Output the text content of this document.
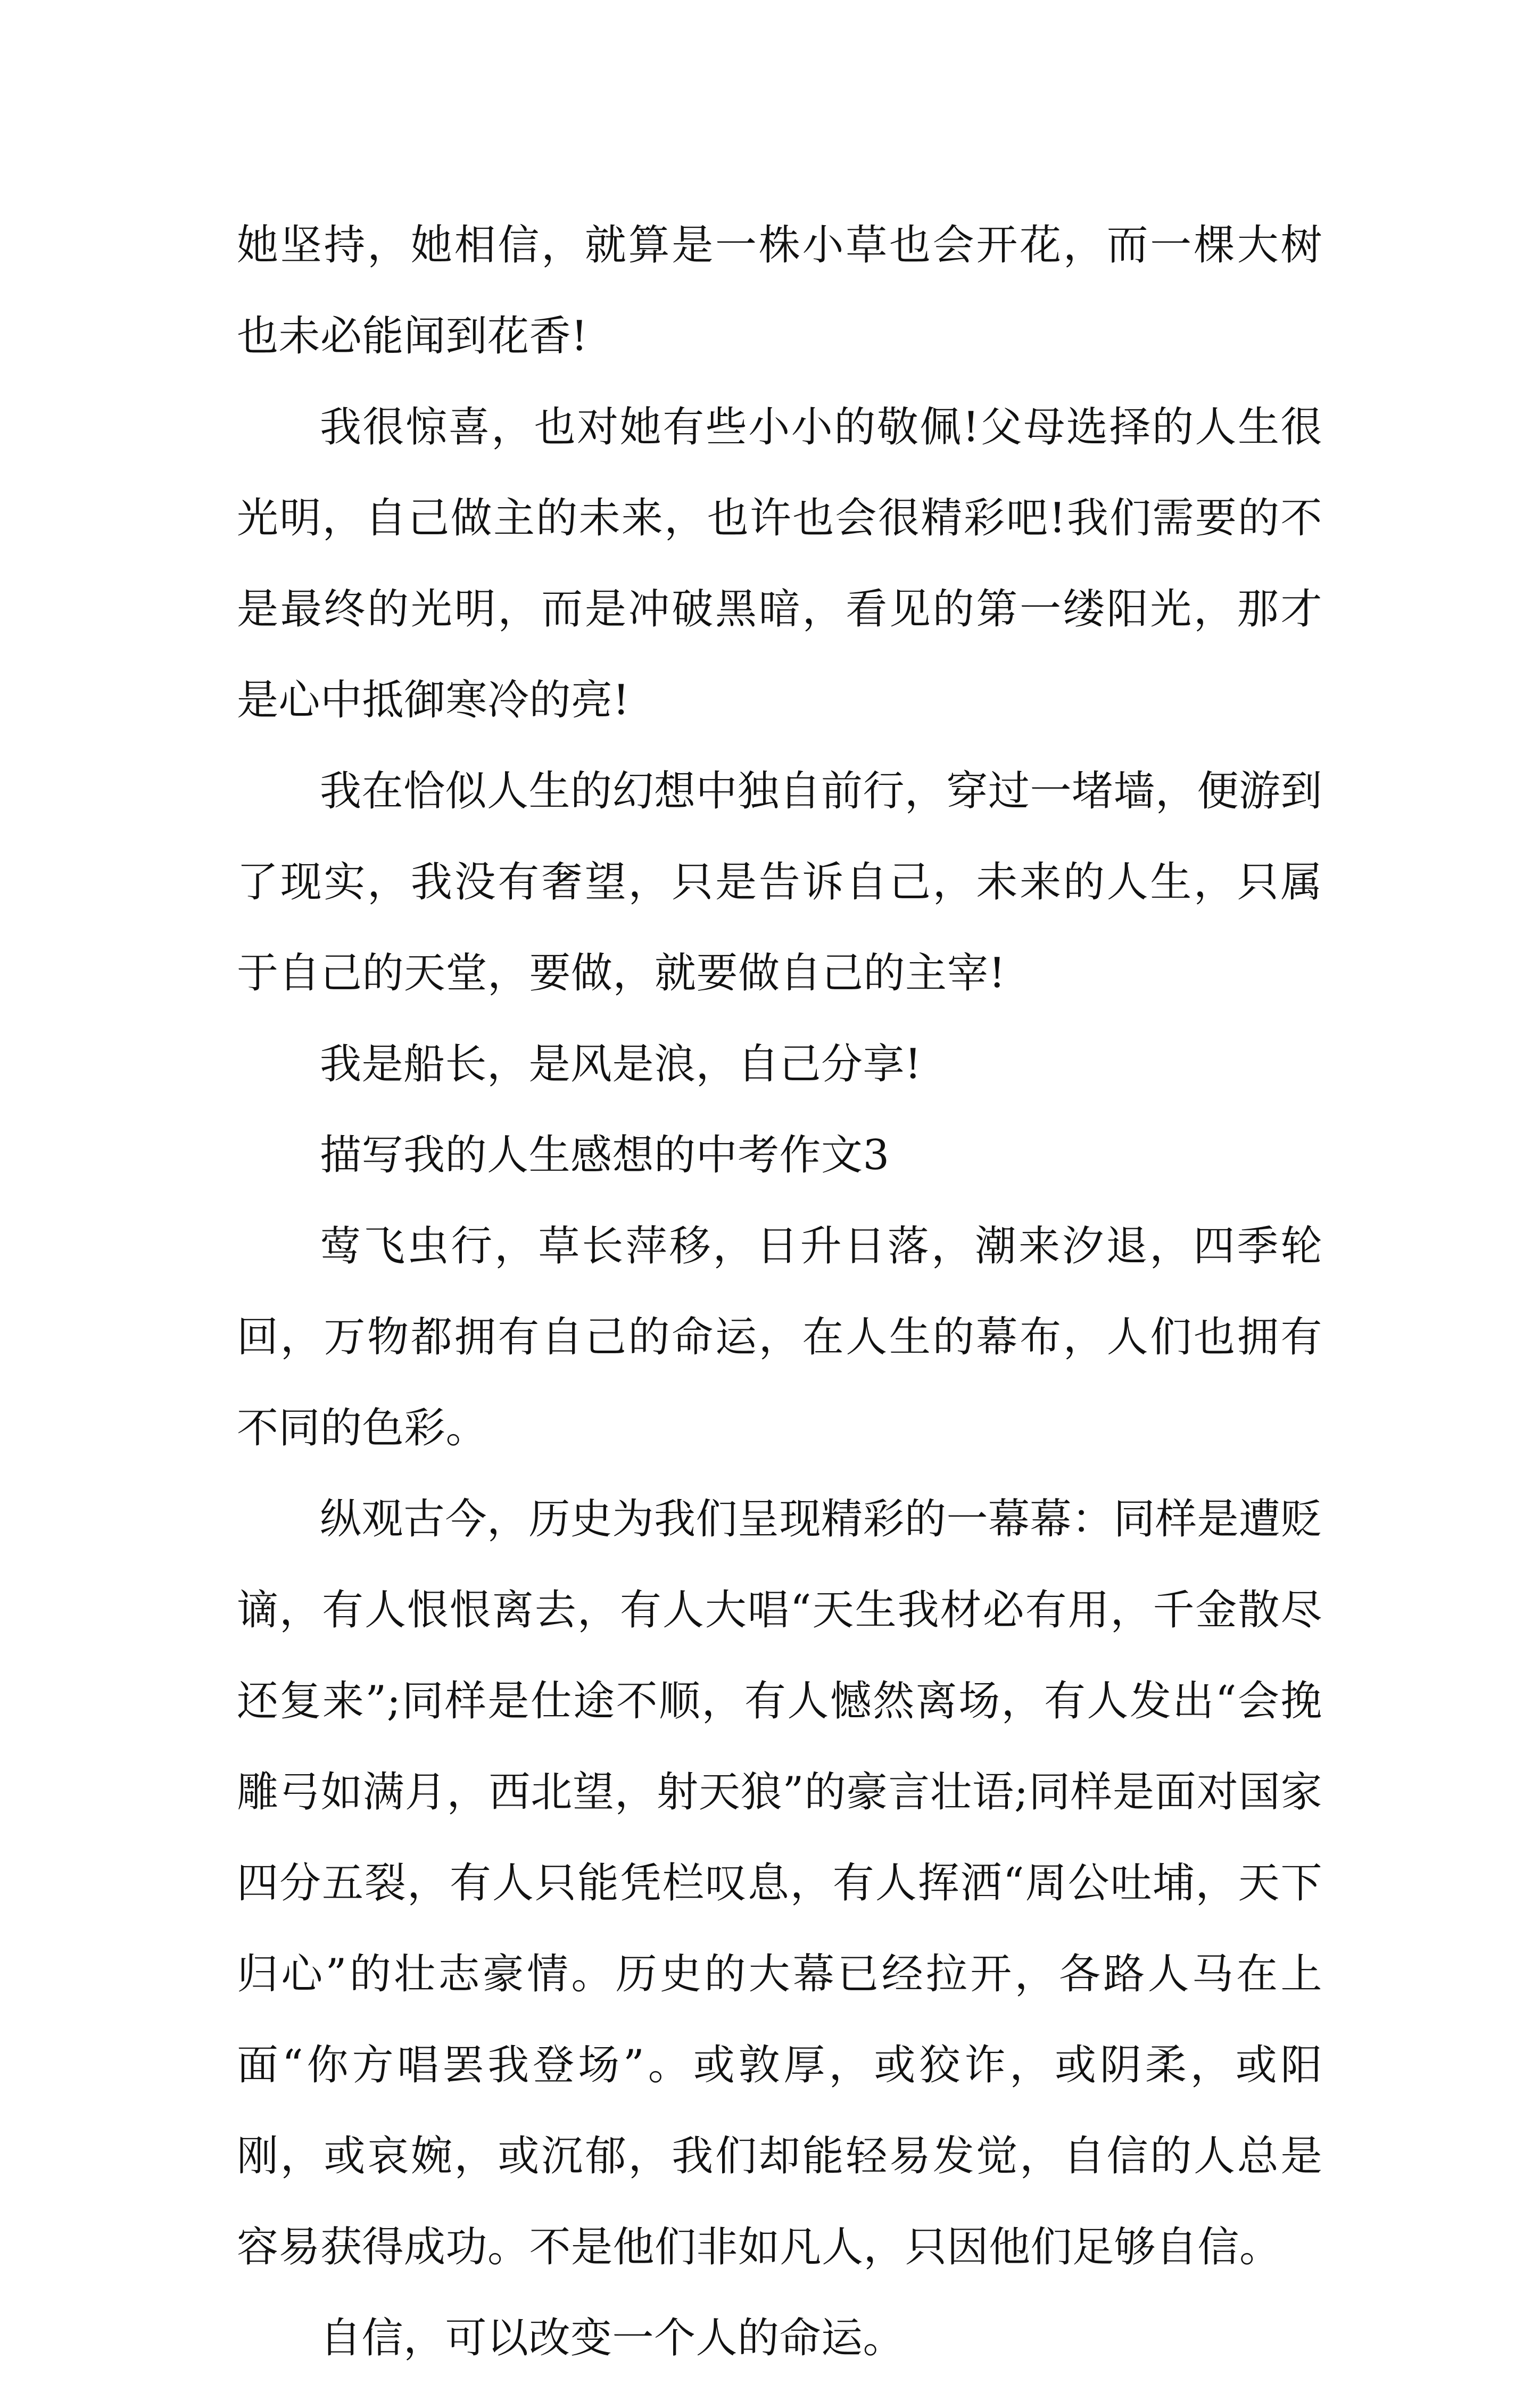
她坚持，她相信，就算是一株小草也会开花，而一棵大树也未必能闻到花香!

我很惊喜，也对她有些小小的敬佩!父母选择的人生很光明，自己做主的未来，也许也会很精彩吧!我们需要的不是最终的光明，而是冲破黑暗，看见的第一缕阳光，那才是心中抵御寒冷的亮!

我在恰似人生的幻想中独自前行，穿过一堵墙，便游到了现实，我没有奢望，只是告诉自己，未来的人生，只属于自己的天堂，要做，就要做自己的主宰!

我是船长，是风是浪，自己分享!

描写我的人生感想的中考作文3

莺飞虫行，草长萍移，日升日落，潮来汐退，四季轮回，万物都拥有自己的命运，在人生的幕布，人们也拥有不同的色彩。

纵观古今，历史为我们呈现精彩的一幕幕：同样是遭贬谪，有人恨恨离去，有人大唱“天生我材必有用，千金散尽还复来”;同样是仕途不顺，有人憾然离场，有人发出“会挽雕弓如满月，西北望，射天狼”的豪言壮语;同样是面对国家四分五裂，有人只能凭栏叹息，有人挥洒“周公吐埔，天下归心”的壮志豪情。历史的大幕已经拉开，各路人马在上面“你方唱罢我登场”。或敦厚，或狡诈，或阴柔，或阳刚，或哀婉，或沉郁，我们却能轻易发觉，自信的人总是容易获得成功。不是他们非如凡人，只因他们足够自信。

自信，可以改变一个人的命运。
